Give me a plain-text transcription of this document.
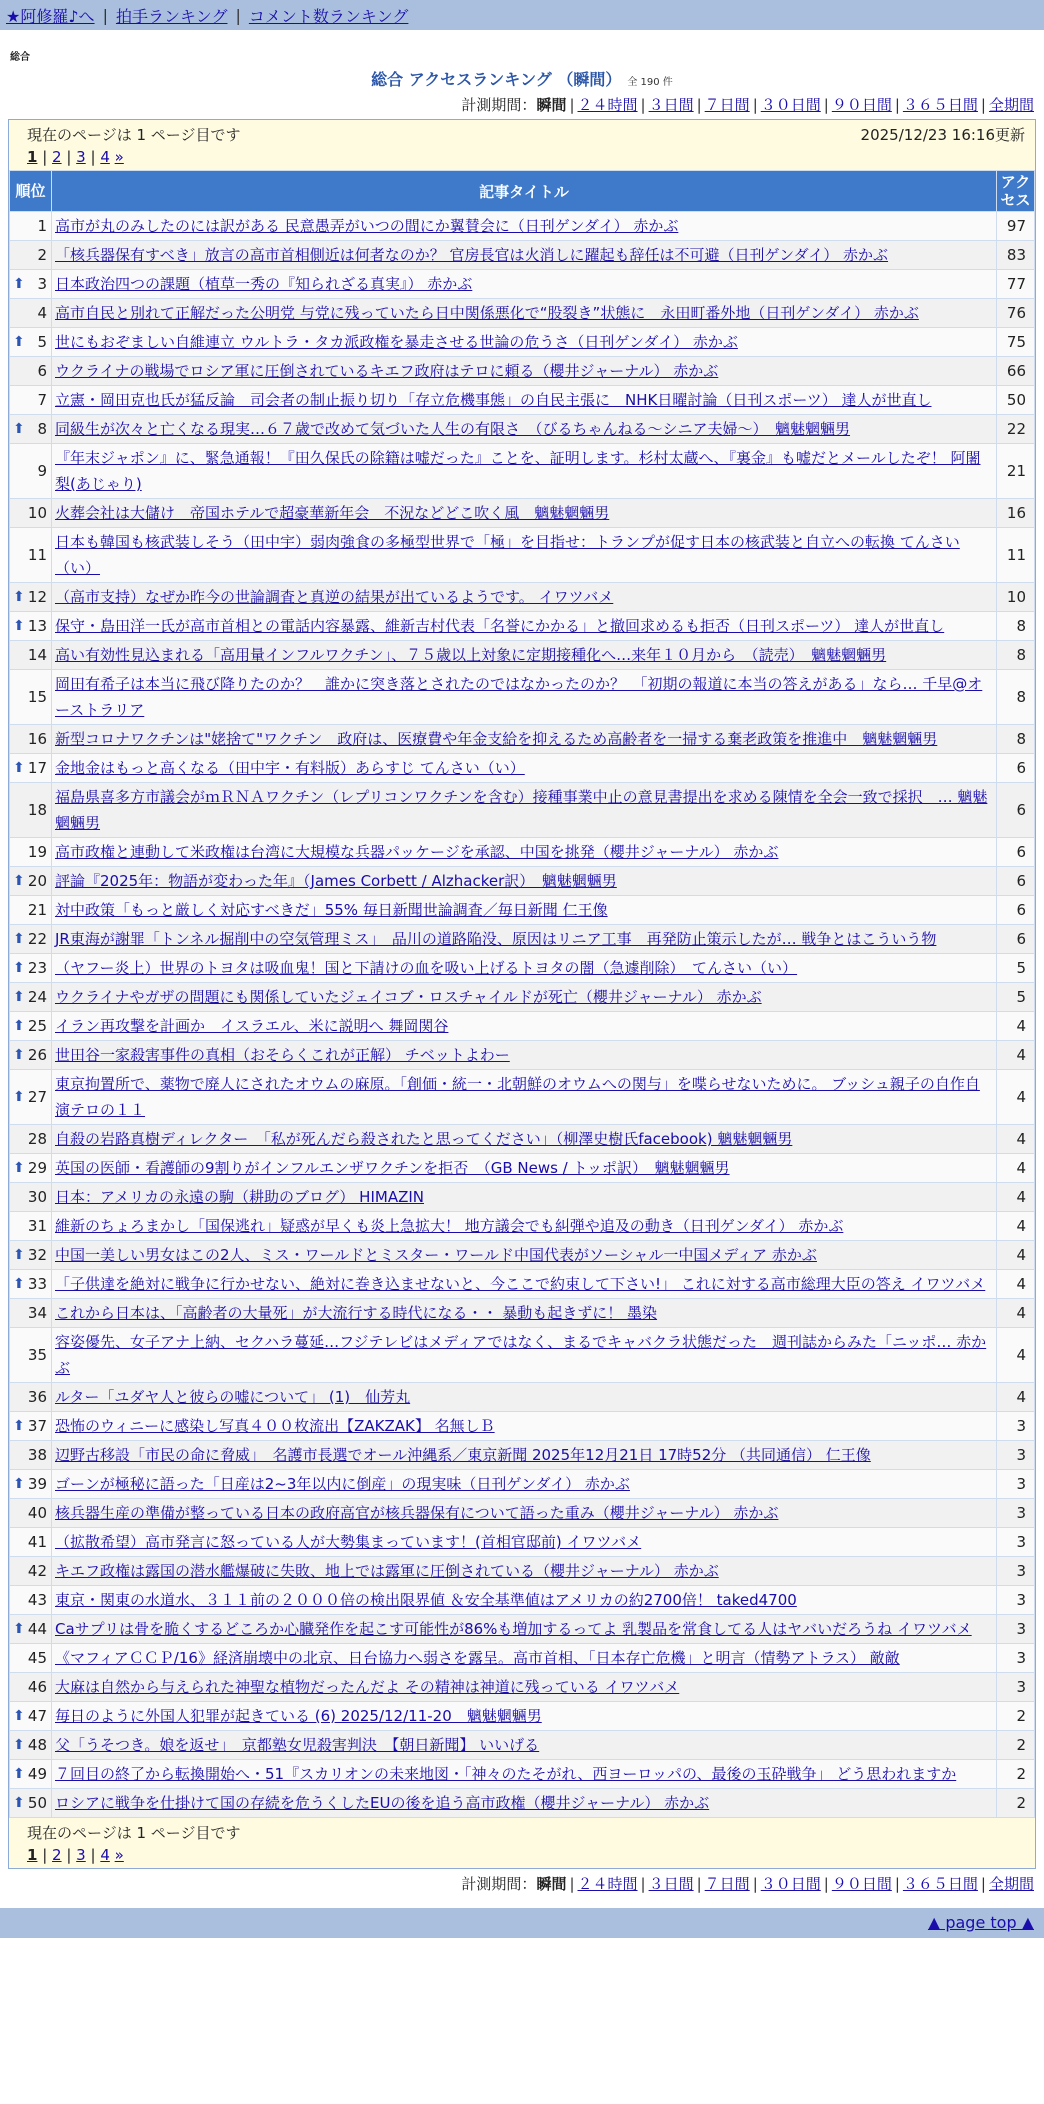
★阿修羅♪へ | 拍手ランキング | コメント数ランキング
総合
総合 アクセスランキング （瞬間） 全 190 件
計測期間：瞬間 | ２４時間 | ３日間 | ７日間 | ３０日間 | ９０日間 | ３６５日間 | 全期間
現在のページは 1 ページ目です	2025/12/23 16:16更新
1 | 2 | 3 | 4 »
順位	記事タイトル	アクセス
1	高市が丸のみしたのには訳がある 民意愚弄がいつの間にか翼賛会に（日刊ゲンダイ） 赤かぶ	97
2	「核兵器保有すべき」放言の高市首相側近は何者なのか？ 官房長官は火消しに躍起も辞任は不可避（日刊ゲンダイ） 赤かぶ	83

⬆ 3	日本政治四つの課題（植草一秀の『知られざる真実』） 赤かぶ	77
4	高市自民と別れて正解だった公明党 与党に残っていたら日中関係悪化で“股裂き”状態に　永田町番外地（日刊ゲンダイ） 赤かぶ	76

⬆ 5	世にもおぞましい自維連立 ウルトラ・タカ派政権を暴走させる世論の危うさ（日刊ゲンダイ） 赤かぶ	75
6	ウクライナの戦場でロシア軍に圧倒されているキエフ政府はテロに頼る（櫻井ジャーナル） 赤かぶ	66
7	立憲・岡田克也氏が猛反論　司会者の制止振り切り「存立危機事態」の自民主張に　NHK日曜討論（日刊スポーツ） 達人が世直し	50

⬆ 8	同級生が次々と亡くなる現実…６７歳で改めて気づいた人生の有限さ　（びるちゃんねる～シニア夫婦～）　魑魅魍魎男	22
9	『年末ジャポン』に、緊急通報！『田久保氏の除籍は嘘だった』ことを、証明します。杉村太蔵へ、『裏金』も嘘だとメールしたぞ！ 阿闍梨(あじゃり)	21
10	火葬会社は大儲け　帝国ホテルで超豪華新年会　不況などどこ吹く風　魑魅魍魎男	16
11	日本も韓国も核武装しそう（田中宇）弱肉強食の多極型世界で「極」を目指せ：トランプが促す日本の核武装と自立への転換 てんさい（い）	11

⬆ 12	（高市支持）なぜか昨今の世論調査と真逆の結果が出ているようです。 イワツバメ	10

⬆ 13	保守・島田洋一氏が高市首相との電話内容暴露、維新吉村代表「名誉にかかる」と撤回求めるも拒否（日刊スポーツ） 達人が世直し	8
14	高い有効性見込まれる「高用量インフルワクチン」、７５歳以上対象に定期接種化へ…来年１０月から　（読売）　魑魅魍魎男	8
15	岡田有希子は本当に飛び降りたのか？　誰かに突き落とされたのではなかったのか？　「初期の報道に本当の答えがある」なら… 千早@オーストラリア	8
16	新型コロナワクチンは"姥捨て"ワクチン　政府は、医療費や年金支給を抑えるため高齢者を一掃する棄老政策を推進中　魑魅魍魎男	8

⬆ 17	金地金はもっと高くなる（田中宇・有料版）あらすじ てんさい（い）	6
18	福島県喜多方市議会がｍＲＮＡワクチン（レプリコンワクチンを含む）接種事業中止の意見書提出を求める陳情を全会一致で採択　… 魑魅魍魎男	6
19	高市政権と連動して米政権は台湾に大規模な兵器パッケージを承認、中国を挑発（櫻井ジャーナル） 赤かぶ	6

⬆ 20	評論『2025年：物語が変わった年』（James Corbett / Alzhacker訳）　魑魅魍魎男	6
21	対中政策「もっと厳しく対応すべきだ」55% 毎日新聞世論調査／毎日新聞 仁王像	6

⬆ 22	JR東海が謝罪「トンネル掘削中の空気管理ミス」　品川の道路陥没、原因はリニア工事　再発防止策示したが… 戦争とはこういう物	6

⬆ 23	（ヤフー炎上）世界のトヨタは吸血鬼！国と下請けの血を吸い上げるトヨタの闇（急遽削除）　てんさい（い）	5

⬆ 24	ウクライナやガザの問題にも関係していたジェイコブ・ロスチャイルドが死亡（櫻井ジャーナル） 赤かぶ	5

⬆ 25	イラン再攻撃を計画か　イスラエル、米に説明へ 舞岡関谷	4

⬆ 26	世田谷一家殺害事件の真相（おそらくこれが正解） チベットよわー	4

⬆ 27	東京拘置所で、薬物で廃人にされたオウムの麻原。「創価・統一・北朝鮮のオウムへの関与」を喋らせないために。 ブッシュ親子の自作自演テロの１１	4
28	自殺の岩路真樹ディレクター　「私が死んだら殺されたと思ってください」（柳澤史樹氏facebook) 魑魅魍魎男	4

⬆ 29	英国の医師・看護師の9割りがインフルエンザワクチンを拒否　（GB News / トッポ訳）　魑魅魍魎男	4
30	日本：アメリカの永遠の駒（耕助のブログ） HIMAZIN	4
31	維新のちょろまかし「国保逃れ」疑惑が早くも炎上急拡大！ 地方議会でも糾弾や追及の動き（日刊ゲンダイ） 赤かぶ	4

⬆ 32	中国一美しい男女はこの2人、ミス・ワールドとミスター・ワールド中国代表がソーシャル一中国メディア 赤かぶ	4

⬆ 33	「子供達を絶対に戦争に行かせない、絶対に巻き込ませないと、今ここで約束して下さい!」 これに対する高市総理大臣の答え イワツバメ	4
34	これから日本は、「高齢者の大量死」が大流行する時代になる・・ 暴動も起きずに！ 墨染	4
35	容姿優先、女子アナ上納、セクハラ蔓延…フジテレビはメディアではなく、まるでキャバクラ状態だった　週刊誌からみた「ニッポ… 赤かぶ	4
36	ルター「ユダヤ人と彼らの嘘について」 (1)　仙芳丸	4

⬆ 37	恐怖のウィニーに感染し写真４００枚流出【ZAKZAK】 名無しＢ	3
38	辺野古移設「市民の命に脅威」　名護市長選でオール沖縄系／東京新聞 2025年12月21日 17時52分 （共同通信） 仁王像	3

⬆ 39	ゴーンが極秘に語った「日産は2~3年以内に倒産」の現実味（日刊ゲンダイ） 赤かぶ	3
40	核兵器生産の準備が整っている日本の政府高官が核兵器保有について語った重み（櫻井ジャーナル） 赤かぶ	3
41	（拡散希望）高市発言に怒っている人が大勢集まっています！(首相官邸前) イワツバメ	3
42	キエフ政権は露国の潜水艦爆破に失敗、地上では露軍に圧倒されている（櫻井ジャーナル） 赤かぶ	3
43	東京・関東の水道水、３１１前の２０００倍の検出限界値 ＆安全基準値はアメリカの約2700倍！ taked4700	3

⬆ 44	Caサプリは骨を脆くするどころか心臓発作を起こす可能性が86%も増加するってよ 乳製品を常食してる人はヤバいだろうね イワツバメ	3
45	《マフィアＣＣＰ/16》経済崩壊中の北京、日台協力へ弱さを露呈。高市首相、「日本存亡危機」と明言（情勢アトラス） 敵敵	3
46	大麻は自然から与えられた神聖な植物だったんだよ その精神は神道に残っている イワツバメ	3

⬆ 47	毎日のように外国人犯罪が起きている (6) 2025/12/11-20　魑魅魍魎男	2

⬆ 48	父「うそつき。娘を返せ」　京都塾女児殺害判決　【朝日新聞】 いいげる	2

⬆ 49	７回目の終了から転換開始へ・51『スカリオンの未来地図・「神々のたそがれ、西ヨーロッパの、最後の玉砕戦争」 どう思われますか	2

⬆ 50	ロシアに戦争を仕掛けて国の存続を危うくしたEUの後を追う高市政権（櫻井ジャーナル） 赤かぶ	2
現在のページは 1 ページ目です
1 | 2 | 3 | 4 »
計測期間：瞬間 | ２４時間 | ３日間 | ７日間 | ３０日間 | ９０日間 | ３６５日間 | 全期間
▲ page top ▲
